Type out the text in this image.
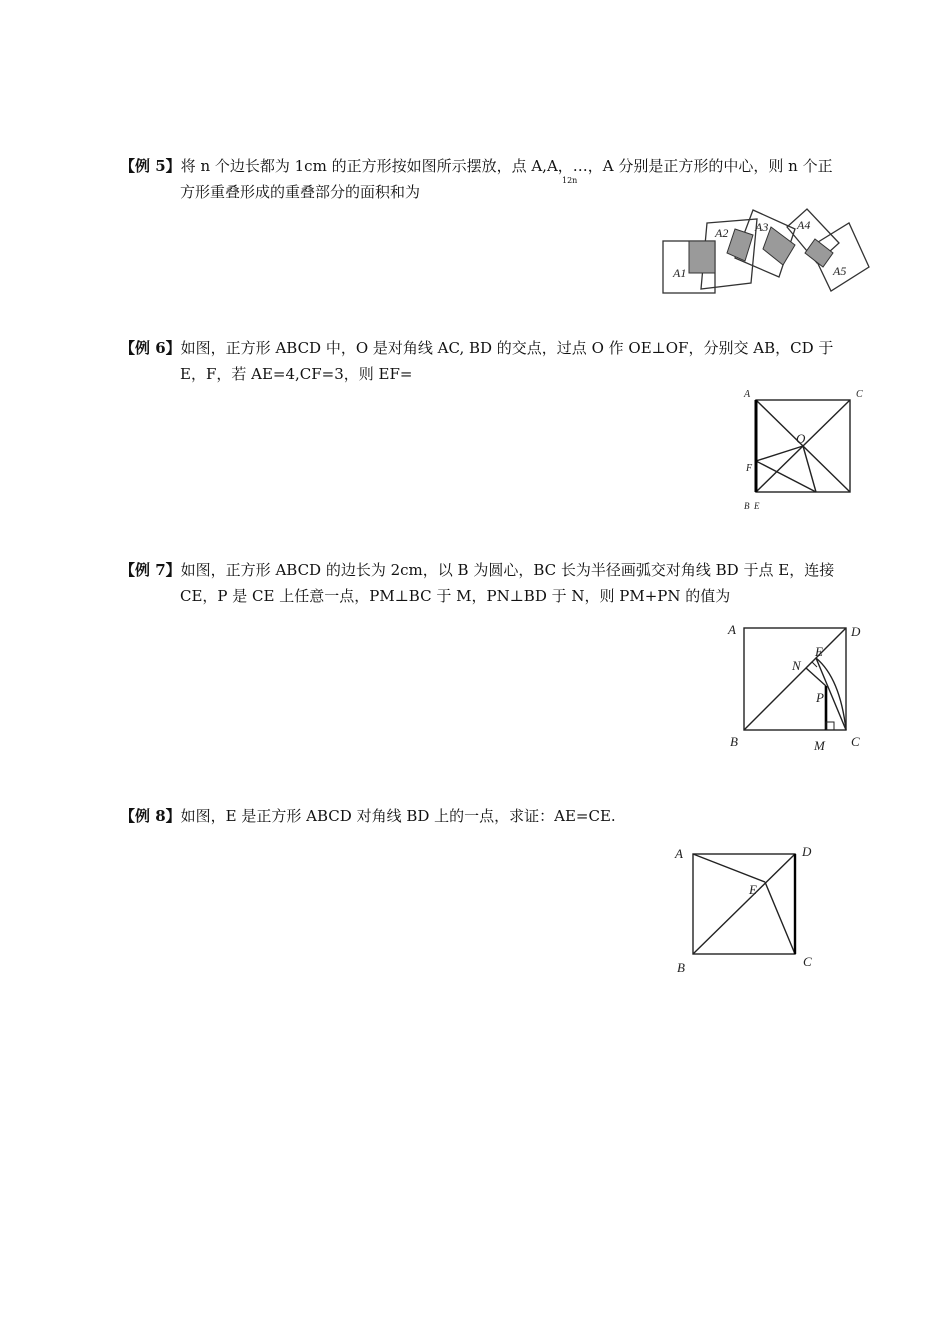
【例 5】将 n 个边长都为 1cm 的正方形按如图所示摆放，点 A,A，…，A 分别是正方形的中心，则 n 个正
方形重叠形成的重叠部分的面积和为
12n
A1
A2 A3 A4
A5
【例 6】如图，正方形 ABCD 中，O 是对角线 AC, BD 的交点，过点 O 作 OE⊥OF，分别交 AB，CD 于
E，F，若 AE=4,CF=3，则 EF=
A	C
O
F
B E
【例 7】如图，正方形 ABCD 的边长为 2cm，以 B 为圆心，BC 长为半径画弧交对角线 BD 于点 E，连接
CE，P 是 CE 上任意一点，PM⊥BC 于 M，PN⊥BD 于 N，则 PM+PN 的值为
A	D
E
N
P
B	M C
【例 8】如图，E 是正方形 ABCD 对角线 BD 上的一点，求证：AE=CE.
A	D
E
B	C
